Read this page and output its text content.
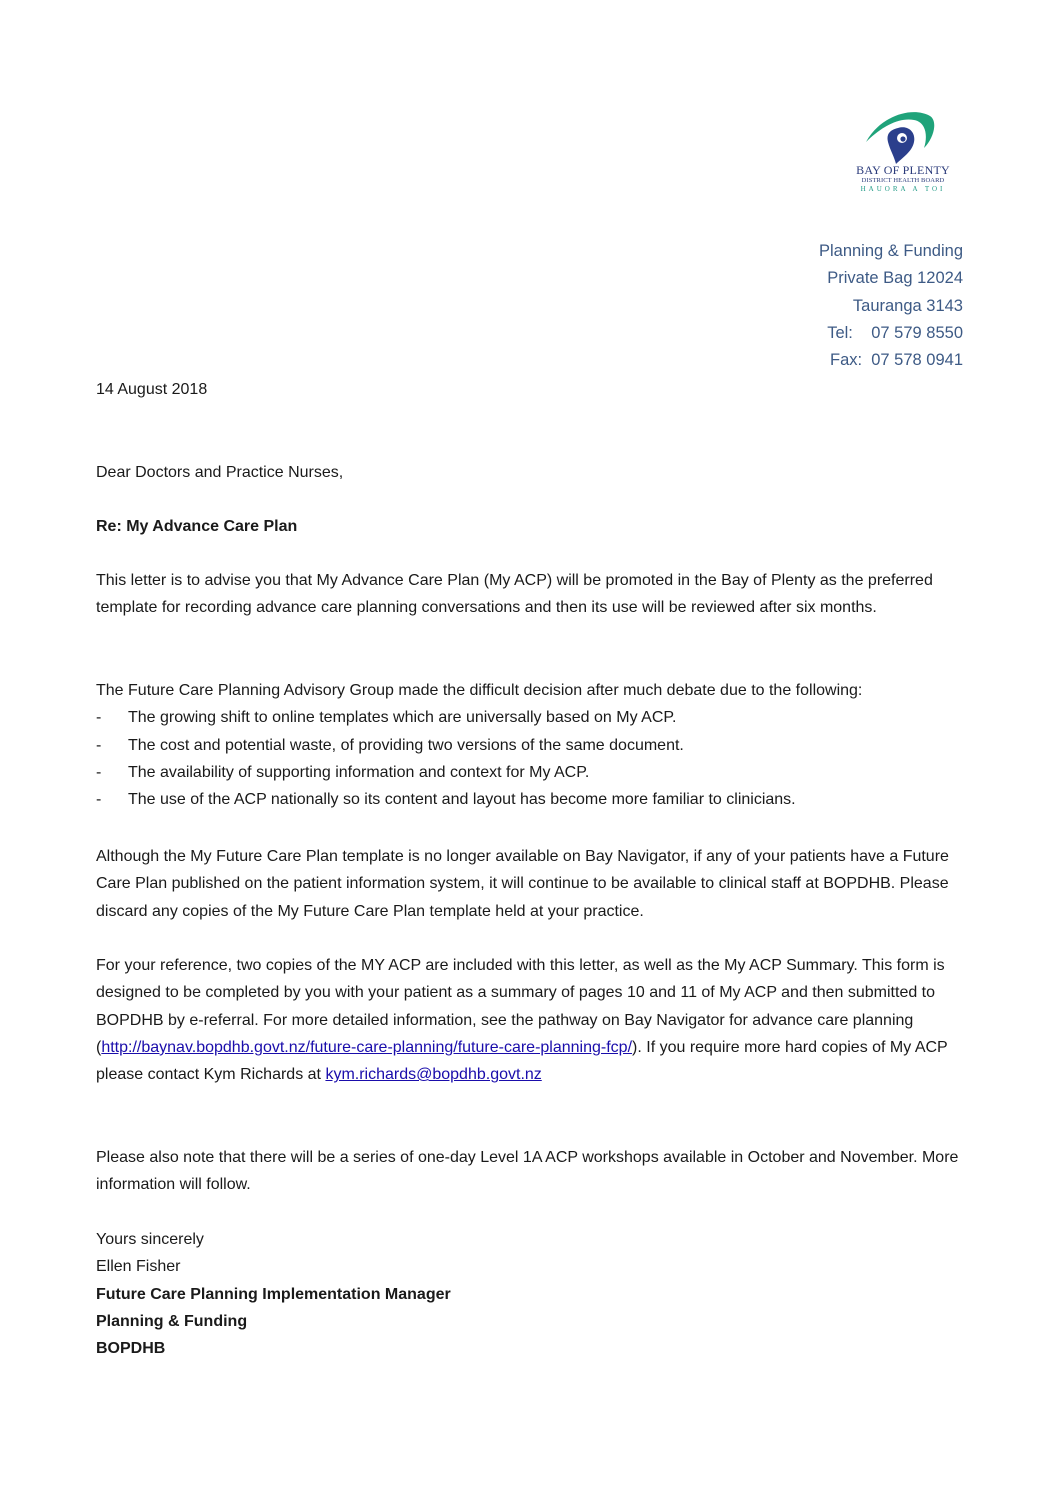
BAY OF PLENTY
DISTRICT HEALTH BOARD
HAUORA A TOI
Planning & Funding
Private Bag 12024
Tauranga 3143
Tel:    07 579 8550
Fax:  07 578 0941
14 August 2018
Dear Doctors and Practice Nurses,
Re: My Advance Care Plan

This letter is to advise you that My Advance Care Plan (My ACP) will be promoted in the Bay of Plenty as the preferred template for recording advance care planning conversations and then its use will be reviewed after six months.

The Future Care Planning Advisory Group made the difficult decision after much debate due to the following:

- The growing shift to online templates which are universally based on My ACP.
- The cost and potential waste, of providing two versions of the same document.
- The availability of supporting information and context for My ACP.
- The use of the ACP nationally so its content and layout has become more familiar to clinicians.

Although the My Future Care Plan template is no longer available on Bay Navigator, if any of your patients have a Future Care Plan published on the patient information system, it will continue to be available to clinical staff at BOPDHB. Please discard any copies of the My Future Care Plan template held at your practice.

For your reference, two copies of the MY ACP are included with this letter, as well as the My ACP Summary. This form is designed to be completed by you with your patient as a summary of pages 10 and 11 of My ACP and then submitted to BOPDHB by e-referral. For more detailed information, see the pathway on Bay Navigator for advance care planning (http://baynav.bopdhb.govt.nz/future-care-planning/future-care-planning-fcp/). If you require more hard copies of My ACP please contact Kym Richards at kym.richards@bopdhb.govt.nz

Please also note that there will be a series of one-day Level 1A ACP workshops available in October and November. More information will follow.

Yours sincerely
Ellen Fisher
Future Care Planning Implementation Manager
Planning & Funding
BOPDHB
